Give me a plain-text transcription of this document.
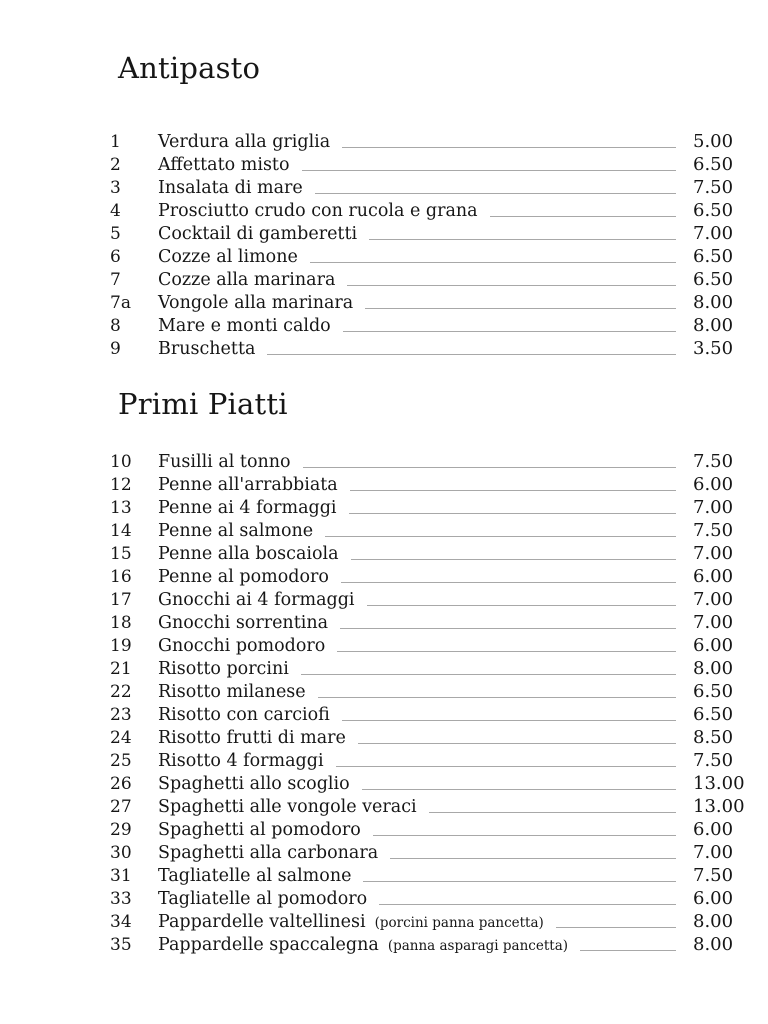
Antipasto
1	Verdura alla griglia	5.00
2	Affettato misto	6.50
3	Insalata di mare	7.50
4	Prosciutto crudo con rucola e grana	6.50
5	Cocktail di gamberetti	7.00
6	Cozze al limone	6.50
7	Cozze alla marinara	6.50
7a	Vongole alla marinara	8.00
8	Mare e monti caldo	8.00
9	Bruschetta	3.50
Primi Piatti
10	Fusilli al tonno	7.50
12	Penne all'arrabbiata	6.00
13	Penne ai 4 formaggi	7.00
14	Penne al salmone	7.50
15	Penne alla boscaiola	7.00
16	Penne al pomodoro	6.00
17	Gnocchi ai 4 formaggi	7.00
18	Gnocchi sorrentina	7.00
19	Gnocchi pomodoro	6.00
21	Risotto porcini	8.00
22	Risotto milanese	6.50
23	Risotto con carciofi	6.50
24	Risotto frutti di mare	8.50
25	Risotto 4 formaggi	7.50
26	Spaghetti allo scoglio	13.00
27	Spaghetti alle vongole veraci	13.00
29	Spaghetti al pomodoro	6.00
30	Spaghetti alla carbonara	7.00
31	Tagliatelle al salmone	7.50
33	Tagliatelle al pomodoro	6.00
34	Pappardelle valtellinesi (porcini panna pancetta)	8.00
35	Pappardelle spaccalegna (panna asparagi pancetta)	8.00
